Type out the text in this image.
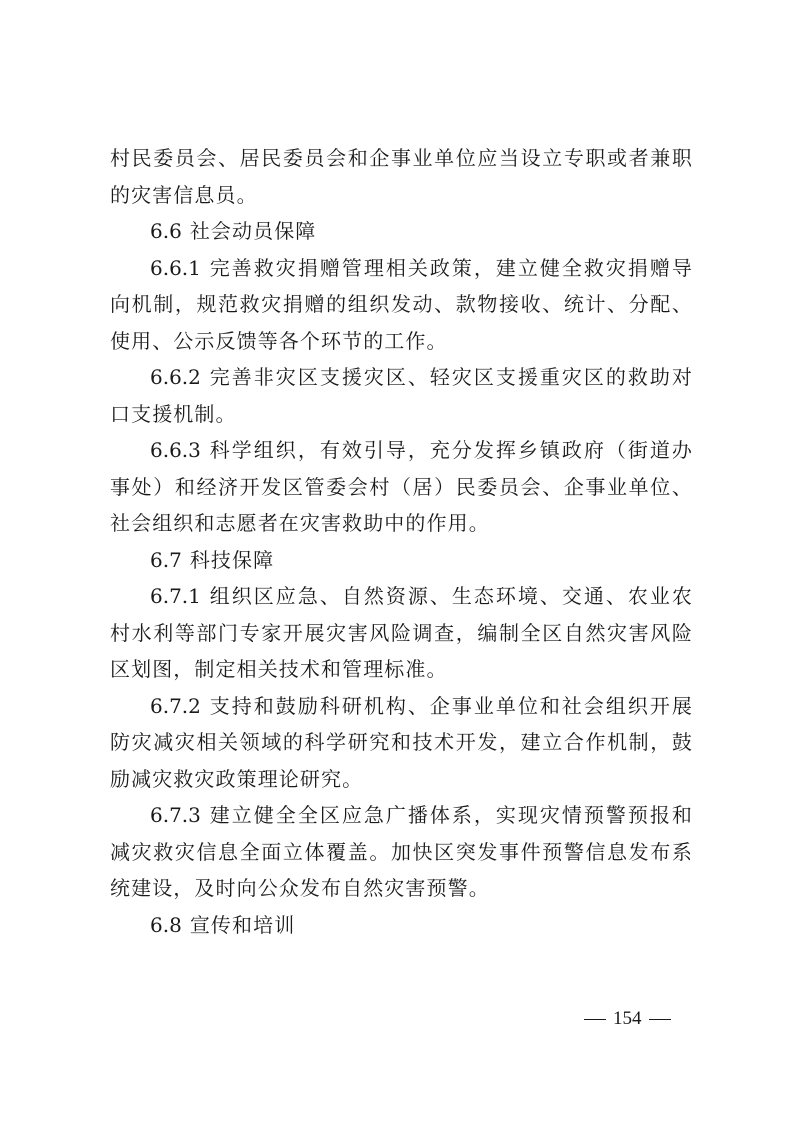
村民委员会、居民委员会和企事业单位应当设立专职或者兼职的灾害信息员。

6.6 社会动员保障

6.6.1 完善救灾捐赠管理相关政策，建立健全救灾捐赠导向机制，规范救灾捐赠的组织发动、款物接收、统计、分配、使用、公示反馈等各个环节的工作。

6.6.2 完善非灾区支援灾区、轻灾区支援重灾区的救助对口支援机制。

6.6.3 科学组织，有效引导，充分发挥乡镇政府（街道办事处）和经济开发区管委会村（居）民委员会、企事业单位、社会组织和志愿者在灾害救助中的作用。

6.7 科技保障

6.7.1 组织区应急、自然资源、生态环境、交通、农业农村水利等部门专家开展灾害风险调查，编制全区自然灾害风险区划图，制定相关技术和管理标准。

6.7.2 支持和鼓励科研机构、企事业单位和社会组织开展防灾减灾相关领域的科学研究和技术开发，建立合作机制，鼓励减灾救灾政策理论研究。

6.7.3 建立健全全区应急广播体系，实现灾情预警预报和减灾救灾信息全面立体覆盖。加快区突发事件预警信息发布系统建设，及时向公众发布自然灾害预警。

6.8 宣传和培训

154
